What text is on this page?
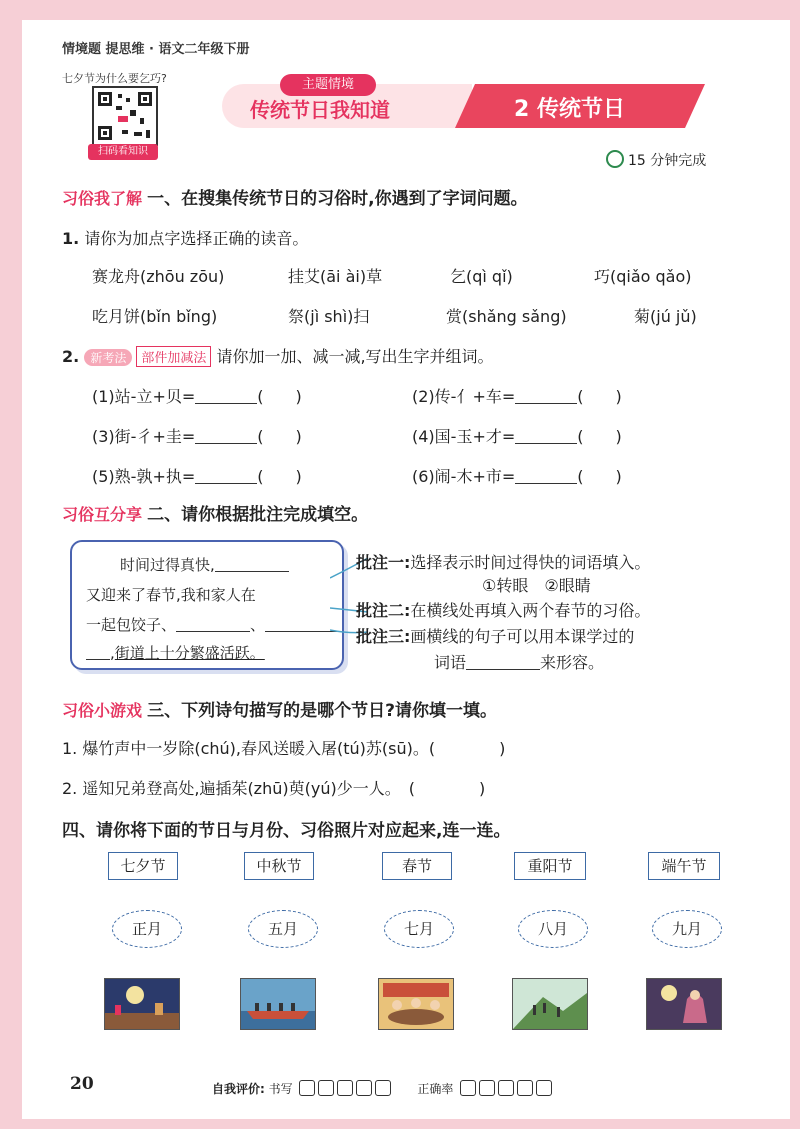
情境题 提思维 · 语文二年级下册
七夕节为什么要乞巧?
扫码看知识
主题情境
传统节日我知道	2 传统节日
15 分钟完成
习俗我了解 一、在搜集传统节日的习俗时,你遇到了字词问题。
1. 请你为加点字选择正确的读音。
赛龙舟(zhōu zōu)	挂艾(āi ài)草	乞(qì qǐ)	巧(qiǎo qǎo)
吃月饼(bǐn bǐng)	祭(jì shì)扫	赏(shǎng sǎng)	菊(jú jǔ)
2. 新考法 部件加减法 请你加一加、减一减,写出生字并组词。
(1)站-立+贝=	(　　)	(2)传-亻+车=	(　　)
(3)街-彳+圭=	(　　)	(4)国-玉+才=	(　　)
(5)熟-孰+执=	(　　)	(6)闹-木+市=	(　　)
习俗互分享 二、请你根据批注完成填空。
时间过得真快,
又迎来了春节,我和家人在
一起包饺子、	、
,街道上十分繁盛活跃。
批注一:选择表示时间过得快的词语填入。
①转眼　②眼睛
批注二:在横线处再填入两个春节的习俗。
批注三:画横线的句子可以用本课学过的
词语	来形容。
习俗小游戏 三、下列诗句描写的是哪个节日?请你填一填。
1. 爆竹声中一岁除(chú),春风送暖入屠(tú)苏(sū)。(　　　　)
2. 遥知兄弟登高处,遍插茱(zhū)萸(yú)少一人。　(　　　　)
四、请你将下面的节日与月份、习俗照片对应起来,连一连。
七夕节	中秋节	春节	重阳节	端午节
正月	五月	七月	八月	九月
20	自我评价: 书写	正确率
